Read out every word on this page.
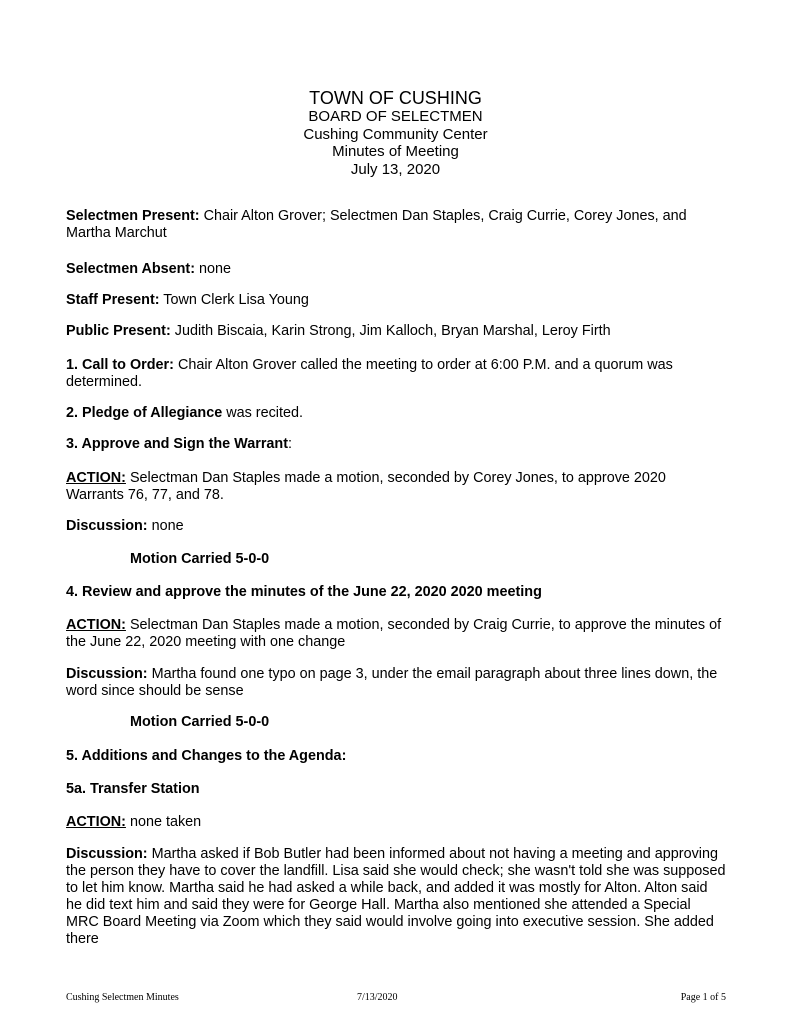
TOWN OF CUSHING
BOARD OF SELECTMEN
Cushing Community Center
Minutes of Meeting
July 13, 2020
Selectmen Present: Chair Alton Grover; Selectmen Dan Staples, Craig Currie, Corey Jones, and Martha Marchut
Selectmen Absent: none
Staff Present: Town Clerk Lisa Young
Public Present: Judith Biscaia, Karin Strong, Jim Kalloch, Bryan Marshal, Leroy Firth
1. Call to Order: Chair Alton Grover called the meeting to order at 6:00 P.M. and a quorum was determined.
2. Pledge of Allegiance was recited.
3. Approve and Sign the Warrant:
ACTION: Selectman Dan Staples made a motion, seconded by Corey Jones, to approve 2020 Warrants 76, 77, and 78.
Discussion: none
Motion Carried 5-0-0
4. Review and approve the minutes of the June 22, 2020 2020 meeting
ACTION: Selectman Dan Staples made a motion, seconded by Craig Currie, to approve the minutes of the June 22, 2020 meeting with one change
Discussion: Martha found one typo on page 3, under the email paragraph about three lines down, the word since should be sense
Motion Carried 5-0-0
5. Additions and Changes to the Agenda:
5a. Transfer Station
ACTION: none taken
Discussion: Martha asked if Bob Butler had been informed about not having a meeting and approving the person they have to cover the landfill. Lisa said she would check; she wasn't told she was supposed to let him know. Martha said he had asked a while back, and added it was mostly for Alton. Alton said he did text him and said they were for George Hall. Martha also mentioned she attended a Special MRC Board Meeting via Zoom which they said would involve going into executive session. She added there
Cushing Selectmen Minutes	7/13/2020	Page 1 of 5
